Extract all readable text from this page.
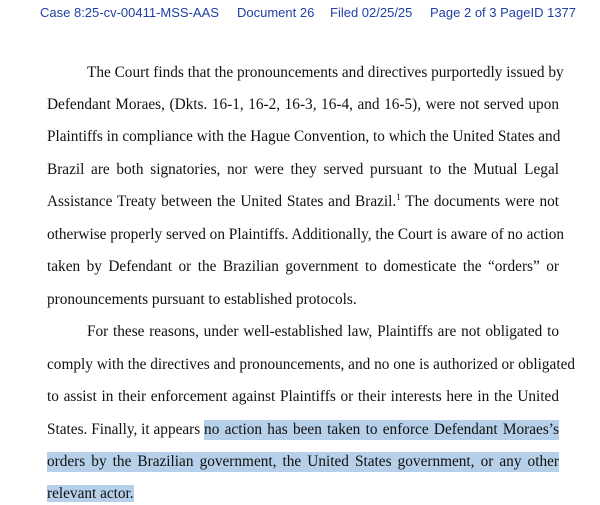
Case 8:25-cv-00411-MSS-AAS Document 26 Filed 02/25/25 Page 2 of 3 PageID 1377
The Court finds that the pronouncements and directives purportedly issued by
Defendant Moraes, (Dkts. 16-1, 16-2, 16-3, 16-4, and 16-5), were not served upon
Plaintiffs in compliance with the Hague Convention, to which the United States and
Brazil are both signatories, nor were they served pursuant to the Mutual Legal
Assistance Treaty between the United States and Brazil.$^1$ The documents were not
otherwise properly served on Plaintiffs. Additionally, the Court is aware of no action
taken by Defendant or the Brazilian government to domesticate the “orders” or
pronouncements pursuant to established protocols.
For these reasons, under well-established law, Plaintiffs are not obligated to
comply with the directives and pronouncements, and no one is authorized or obligated
to assist in their enforcement against Plaintiffs or their interests here in the United
States. Finally, it appears no action has been taken to enforce Defendant Moraes’s
orders by the Brazilian government, the United States government, or any other
relevant actor.
